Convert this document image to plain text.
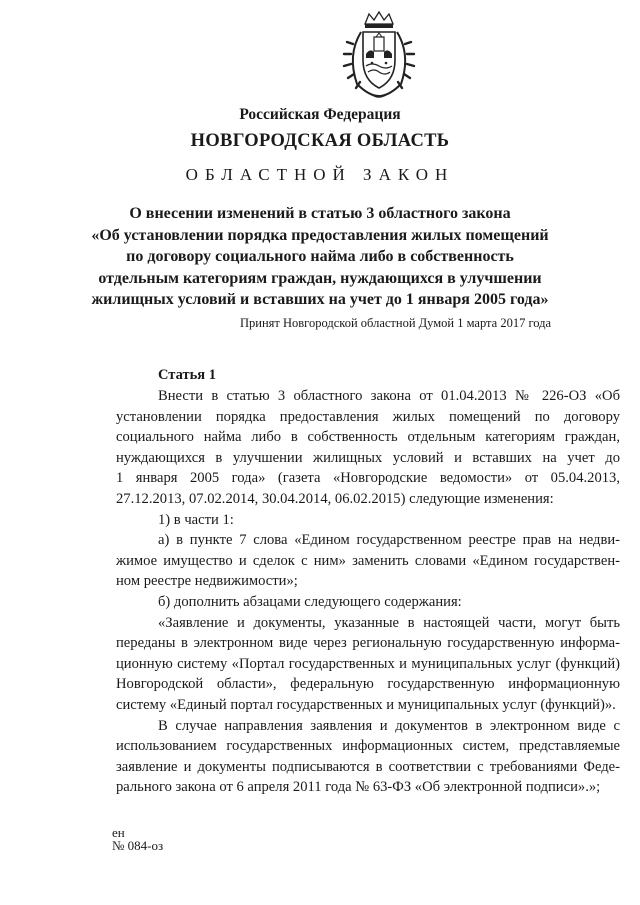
Российская Федерация
НОВГОРОДСКАЯ ОБЛАСТЬ
ОБЛАСТНОЙ ЗАКОН
О внесении изменений в статью 3 областного закона
«Об установлении порядка предоставления жилых помещений
по договору социального найма либо в собственность
отдельным категориям граждан, нуждающихся в улучшении
жилищных условий и вставших на учет до 1 января 2005 года»
Принят Новгородской областной Думой 1 марта 2017 года
Статья 1
Внести в статью 3 областного закона от 01.04.2013 № 226-ОЗ «Об
установлении порядка предоставления жилых помещений по договору
социального найма либо в собственность отдельным категориям граждан,
нуждающихся в улучшении жилищных условий и вставших на учет до
1 января 2005 года» (газета «Новгородские ведомости» от 05.04.2013,
27.12.2013, 07.02.2014, 30.04.2014, 06.02.2015) следующие изменения:
1) в части 1:
а) в пункте 7 слова «Едином государственном реестре прав на недви-
жимое имущество и сделок с ним» заменить словами «Едином государствен-
ном реестре недвижимости»;
б) дополнить абзацами следующего содержания:
«Заявление и документы, указанные в настоящей части, могут быть
переданы в электронном виде через региональную государственную информа-
ционную систему «Портал государственных и муниципальных услуг (функций)
Новгородской области», федеральную государственную информационную
систему «Единый портал государственных и муниципальных услуг (функций)».
В случае направления заявления и документов в электронном виде с
использованием государственных информационных систем, представляемые
заявление и документы подписываются в соответствии с требованиями Феде-
рального закона от 6 апреля 2011 года № 63-ФЗ «Об электронной подписи».»;
ен
№ 084-оз
